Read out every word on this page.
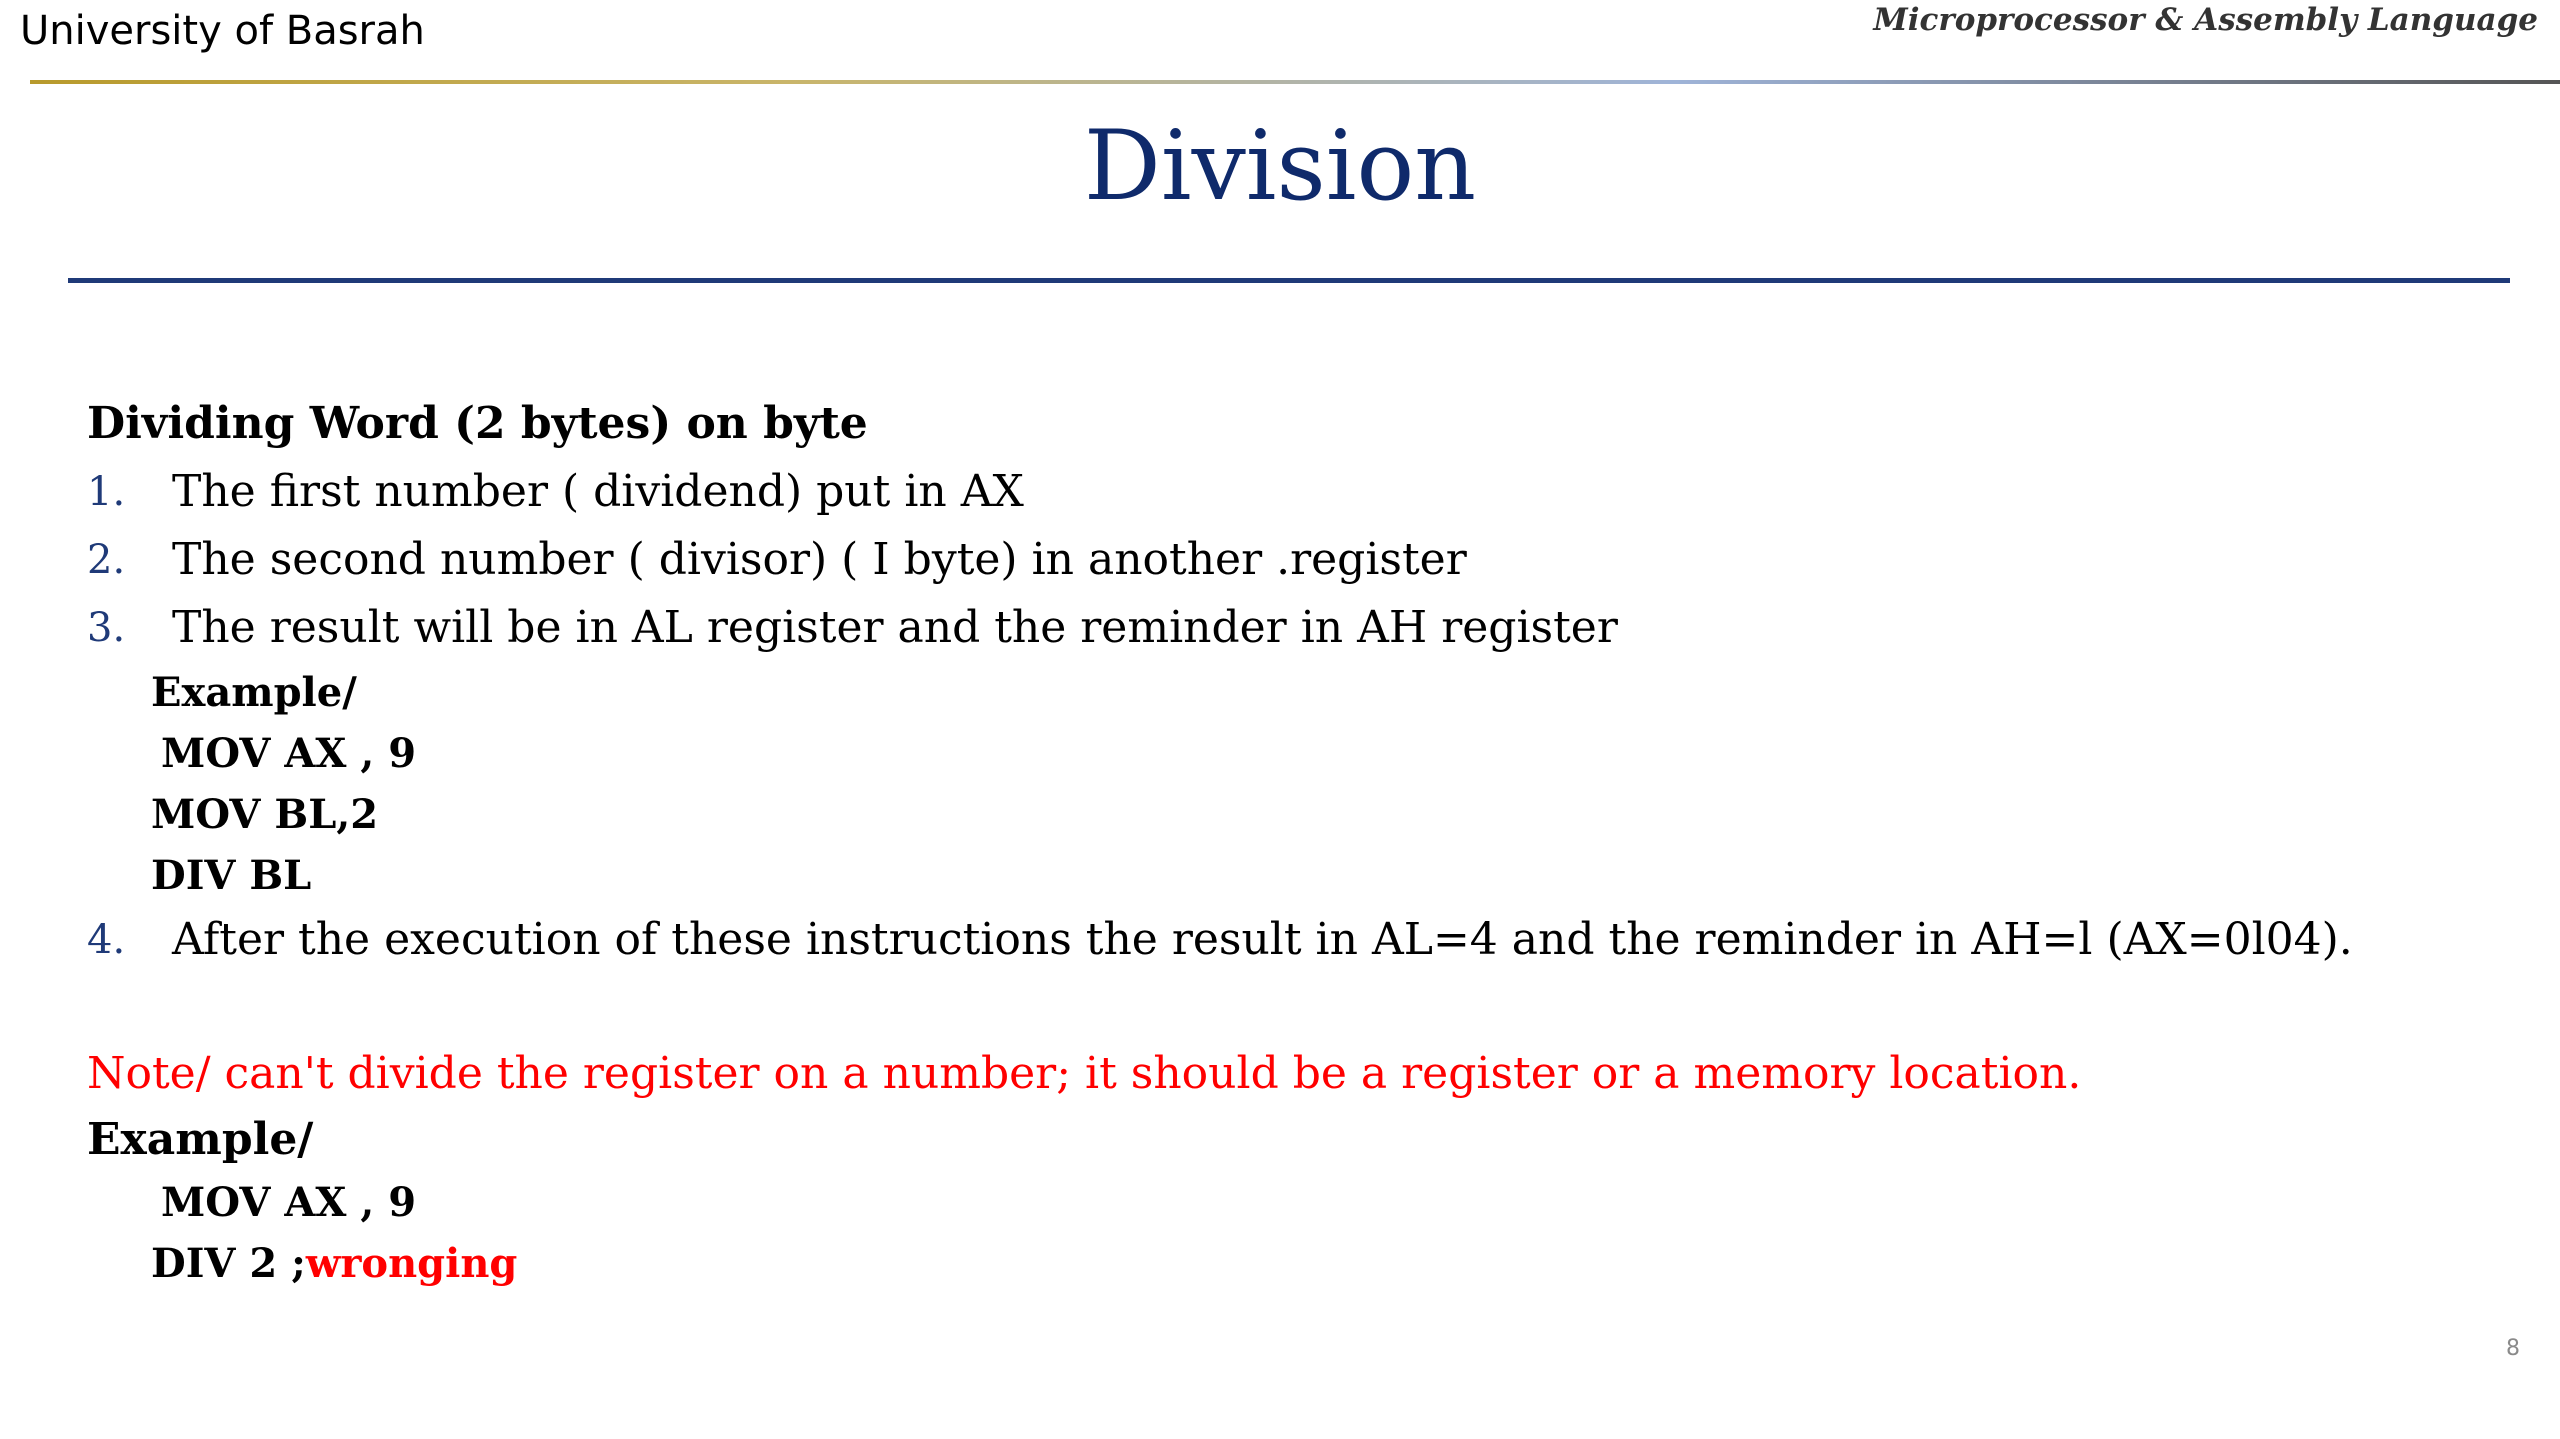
University of Basrah	Microprocessor & Assembly Language
Division
Dividing Word (2 bytes) on byte
1. The first number ( dividend) put in AX
2. The second number ( divisor) ( I byte) in another .register
3. The result will be in AL register and the reminder in AH register
Example/
MOV AX , 9
MOV BL,2
DIV BL
4. After the execution of these instructions the result in AL=4 and the reminder in AH=l (AX=0l04).
Note/ can't divide the register on a number; it should be a register or a memory location.
Example/
MOV AX , 9
DIV 2 ;wronging
8
